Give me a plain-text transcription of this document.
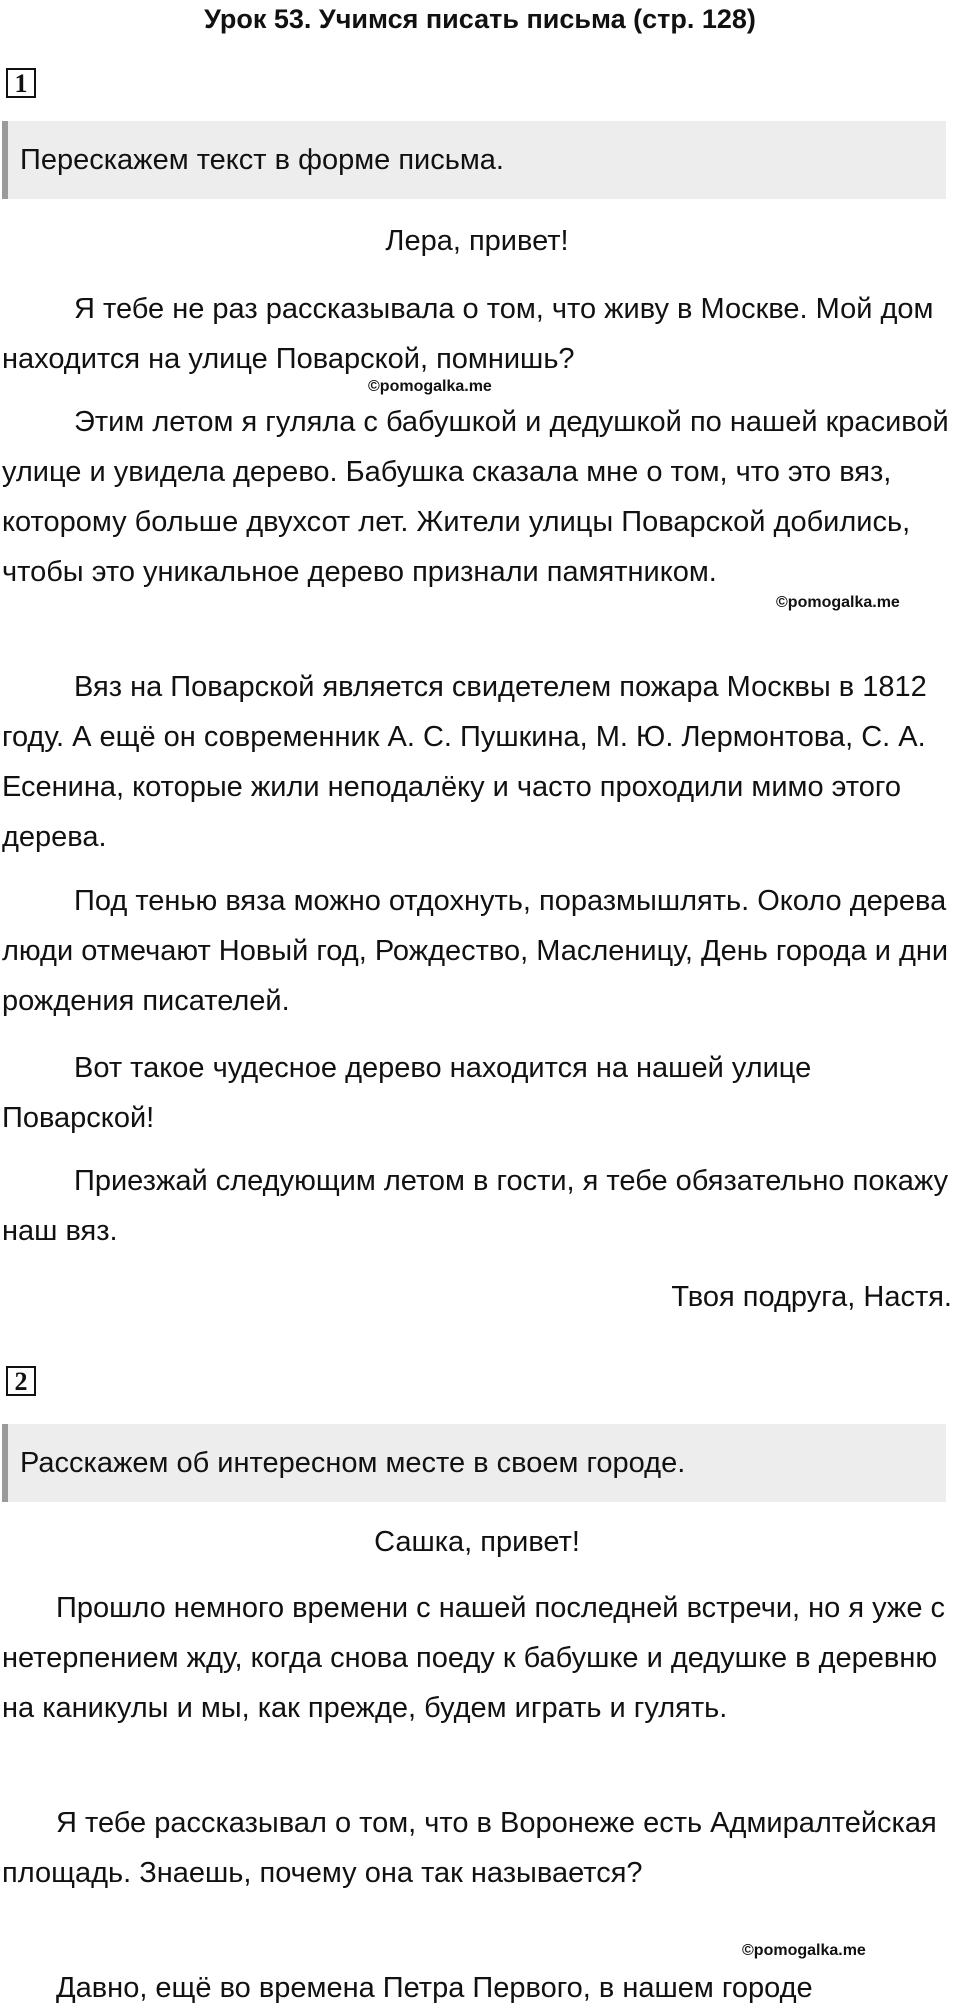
Урок 53. Учимся писать письма (стр. 128)
1
Перескажем текст в форме письма.

Лера, привет!

Я тебе не раз рассказывала о том, что живу в Москве. Мой дом находится на улице Поварской, помнишь?

©pomogalka.me

Этим летом я гуляла с бабушкой и дедушкой по нашей красивой улице и увидела дерево. Бабушка сказала мне о том, что это вяз, которому больше двухсот лет. Жители улицы Поварской добились, чтобы это уникальное дерево признали памятником.

©pomogalka.me

Вяз на Поварской является свидетелем пожара Москвы в 1812 году. А ещё он современник А. С. Пушкина, М. Ю. Лермонтова, С. А. Есенина, которые жили неподалёку и часто проходили мимо этого дерева.

Под тенью вяза можно отдохнуть, поразмышлять. Около дерева люди отмечают Новый год, Рождество, Масленицу, День города и дни рождения писателей.

Вот такое чудесное дерево находится на нашей улице Поварской!

Приезжай следующим летом в гости, я тебе обязательно покажу наш вяз.

Твоя подруга, Настя.

2
Расскажем об интересном месте в своем городе.

Сашка, привет!

Прошло немного времени с нашей последней встречи, но я уже с нетерпением жду, когда снова поеду к бабушке и дедушке в деревню на каникулы и мы, как прежде, будем играть и гулять.

Я тебе рассказывал о том, что в Воронеже есть Адмиралтейская площадь. Знаешь, почему она так называется?

©pomogalka.me

Давно, ещё во времена Петра Первого, в нашем городе
